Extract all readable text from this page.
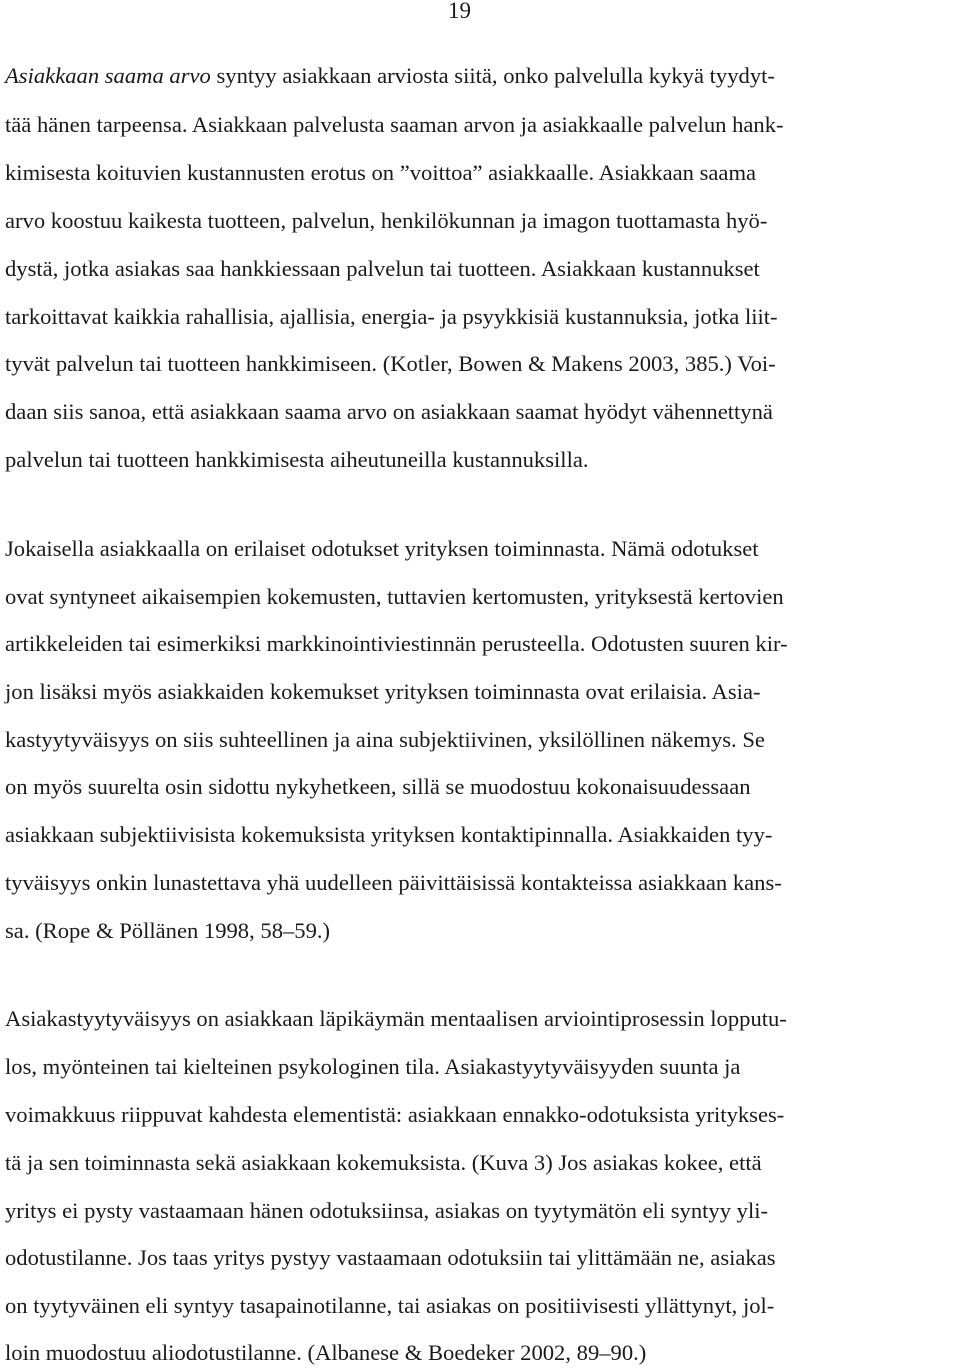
19
Asiakkaan saama arvo syntyy asiakkaan arviosta siitä, onko palvelulla kykyä tyydyt-
tää hänen tarpeensa. Asiakkaan palvelusta saaman arvon ja asiakkaalle palvelun hank-
kimisesta koituvien kustannusten erotus on ”voittoa” asiakkaalle. Asiakkaan saama
arvo koostuu kaikesta tuotteen, palvelun, henkilökunnan ja imagon tuottamasta hyö-
dystä, jotka asiakas saa hankkiessaan palvelun tai tuotteen. Asiakkaan kustannukset
tarkoittavat kaikkia rahallisia, ajallisia, energia- ja psyykkisiä kustannuksia, jotka liit-
tyvät palvelun tai tuotteen hankkimiseen. (Kotler, Bowen & Makens 2003, 385.) Voi-
daan siis sanoa, että asiakkaan saama arvo on asiakkaan saamat hyödyt vähennettynä
palvelun tai tuotteen hankkimisesta aiheutuneilla kustannuksilla.
Jokaisella asiakkaalla on erilaiset odotukset yrityksen toiminnasta. Nämä odotukset
ovat syntyneet aikaisempien kokemusten, tuttavien kertomusten, yrityksestä kertovien
artikkeleiden tai esimerkiksi markkinointiviestinnän perusteella. Odotusten suuren kir-
jon lisäksi myös asiakkaiden kokemukset yrityksen toiminnasta ovat erilaisia. Asia-
kastyytyväisyys on siis suhteellinen ja aina subjektiivinen, yksilöllinen näkemys. Se
on myös suurelta osin sidottu nykyhetkeen, sillä se muodostuu kokonaisuudessaan
asiakkaan subjektiivisista kokemuksista yrityksen kontaktipinnalla. Asiakkaiden tyy-
tyväisyys onkin lunastettava yhä uudelleen päivittäisissä kontakteissa asiakkaan kans-
sa. (Rope & Pöllänen 1998, 58–59.)
Asiakastyytyväisyys on asiakkaan läpikäymän mentaalisen arviointiprosessin lopputu-
los, myönteinen tai kielteinen psykologinen tila. Asiakastyytyväisyyden suunta ja
voimakkuus riippuvat kahdesta elementistä: asiakkaan ennakko-odotuksista yritykses-
tä ja sen toiminnasta sekä asiakkaan kokemuksista. (Kuva 3) Jos asiakas kokee, että
yritys ei pysty vastaamaan hänen odotuksiinsa, asiakas on tyytymätön eli syntyy yli-
odotustilanne. Jos taas yritys pystyy vastaamaan odotuksiin tai ylittämään ne, asiakas
on tyytyväinen eli syntyy tasapainotilanne, tai asiakas on positiivisesti yllättynyt, jol-
loin muodostuu aliodotustilanne. (Albanese & Boedeker 2002, 89–90.)
